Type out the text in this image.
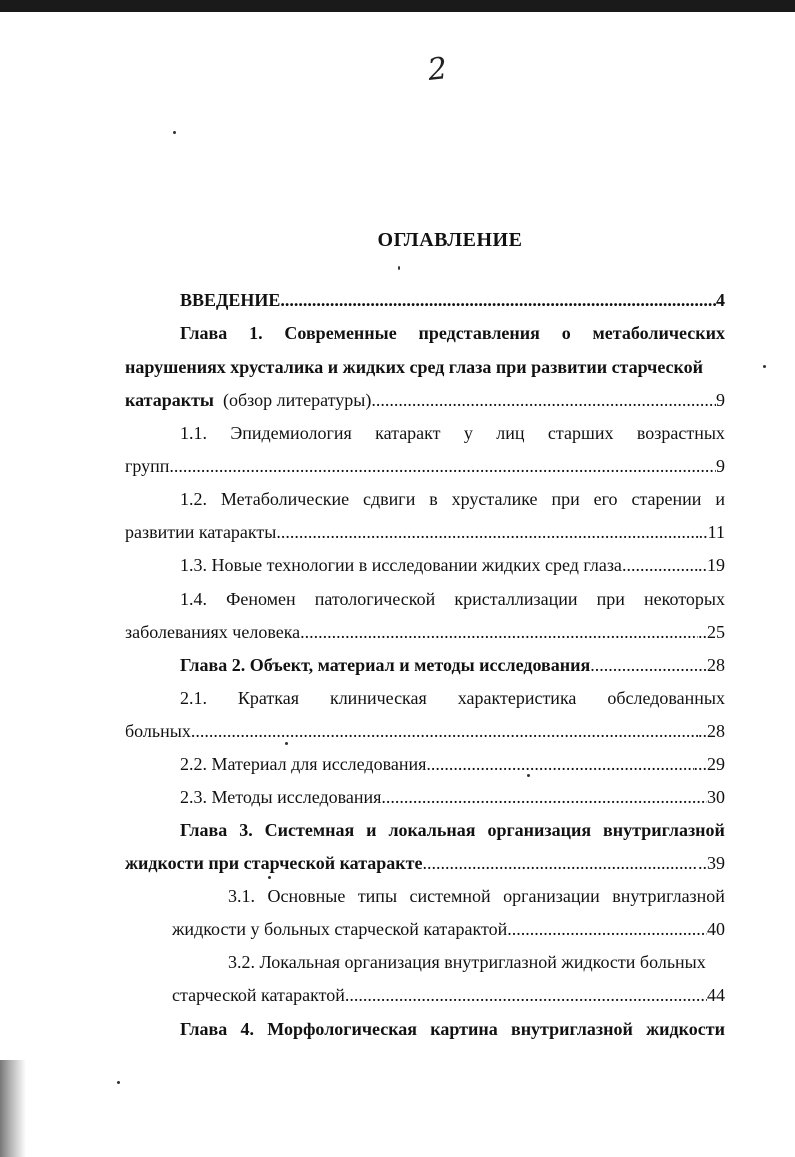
2
ОГЛАВЛЕНИЕ
ВВЕДЕНИЕ .....	4
Глава 1. Современные представления о метаболических
нарушениях хрусталика и жидких сред глаза при развитии старческой
катаракты (обзор литературы) .....	9
1.1. Эпидемиология катаракт у лиц старших возрастных
групп .....	9
1.2. Метаболические сдвиги в хрусталике при его старении и
развитии катаракты .....	..11
1.3. Новые технологии в исследовании жидких сред глаза .....	..19
1.4. Феномен патологической кристаллизации при некоторых
заболеваниях человека .....	..25
Глава 2. Объект, материал и методы исследования .....	28
2.1. Краткая клиническая характеристика обследованных
больных .....	..28
2.2. Материал для исследования .....	...29
2.3. Методы исследования .....	30
Глава 3. Системная и локальная организация внутриглазной
жидкости при старческой катаракте .....	..39
3.1. Основные типы системной организации внутриглазной
жидкости у больных старческой катарактой .....	40
3.2. Локальная организация внутриглазной жидкости больных
старческой катарактой .....	44
Глава 4. Морфологическая картина внутриглазной жидкости
